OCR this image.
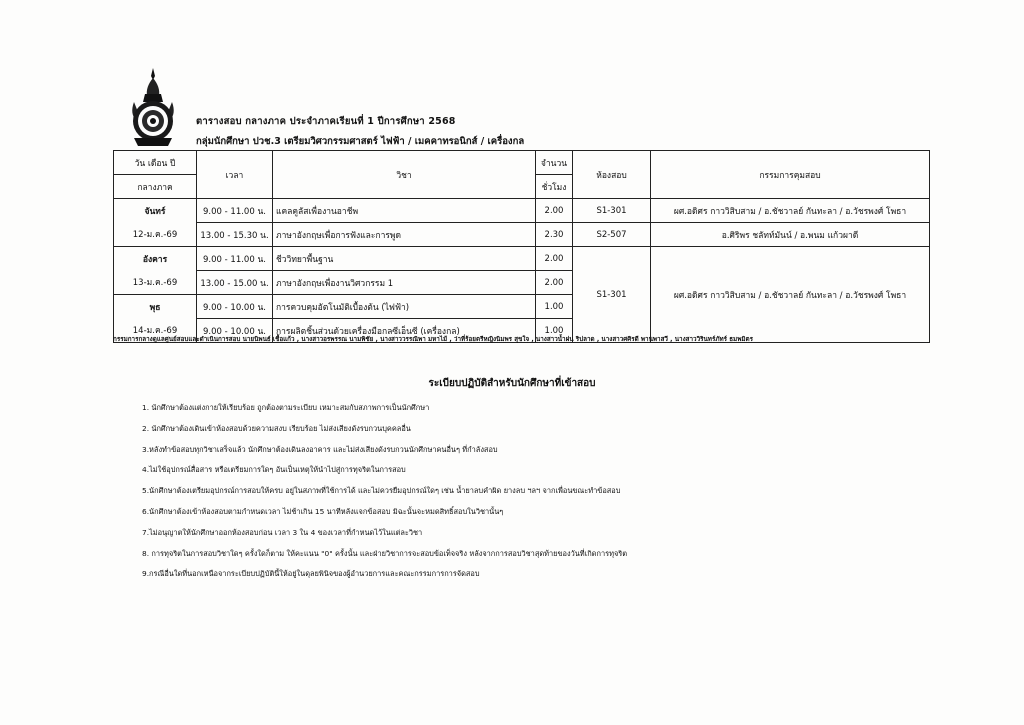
ตารางสอบ กลางภาค ประจำภาคเรียนที่ 1 ปีการศึกษา 2568
กลุ่มนักศึกษา ปวช.3 เตรียมวิศวกรรมศาสตร์ ไฟฟ้า / เมคคาทรอนิกส์ / เครื่องกล
วัน เดือน ปี	เวลา	วิชา	จำนวน	ห้องสอบ	กรรมการคุมสอบ
กลางภาค			ชั่วโมง		
จันทร์	9.00 - 11.00 น.	แคลคูลัสเพื่องานอาชีพ	2.00	S1-301	ผศ.อดิศร กาววิสิบสาม / อ.ชัชวาลย์ กันทะลา / อ.วัชรพงศ์ โพธา
12-ม.ค.-69	13.00 - 15.30 น.	ภาษาอังกฤษเพื่อการฟังและการพูด	2.30	S2-507	อ.ศิริพร ชลัทท์มันน์ / อ.พนม แก้วผาดี
อังคาร	9.00 - 11.00 น.	ชีววิทยาพื้นฐาน	2.00	S1-301	ผศ.อดิศร กาววิสิบสาม / อ.ชัชวาลย์ กันทะลา / อ.วัชรพงศ์ โพธา
13-ม.ค.-69	13.00 - 15.00 น.	ภาษาอังกฤษเพื่องานวิศวกรรม 1	2.00		
พุธ	9.00 - 10.00 น.	การควบคุมอัตโนมัติเบื้องต้น (ไฟฟ้า)	1.00		
14-ม.ค.-69	9.00 - 10.00 น.	การผลิตชิ้นส่วนด้วยเครื่องมือกลซีเอ็นซี (เครื่องกล)	1.00		
กรรมการกลางดูแลศูนย์สอบและดำเนินการสอบ นายนิพนธ์ เชื้อแก้ว , นางสาวอรพรรณ นามพิชัย , นางสาววรรณิพา มหาไม้ , ว่าที่ร้อยตรีหญิงนิมพร สุขใจ , นางสาวน้ำฝน ริปลาด , นางสาวศศิรดี พานพาสวี , นางสาววิรินทร์ภัทร์ ธมพมิตร
ระเบียบปฏิบัติสำหรับนักศึกษาที่เข้าสอบ
1. นักศึกษาต้องแต่งกายให้เรียบร้อย ถูกต้องตามระเบียบ เหมาะสมกับสภาพการเป็นนักศึกษา
2. นักศึกษาต้องเดินเข้าห้องสอบด้วยความสงบ เรียบร้อย ไม่ส่งเสียงดังรบกวนบุคคลอื่น
3.หลังทำข้อสอบทุกวิชาเสร็จแล้ว นักศึกษาต้องเดินลงอาคาร และไม่ส่งเสียงดังรบกวนนักศึกษาคนอื่นๆ ที่กำลังสอบ
4.ไม่ใช้อุปกรณ์สื่อสาร หรือเตรียมการใดๆ อันเป็นเหตุให้นำไปสู่การทุจริตในการสอบ
5.นักศึกษาต้องเตรียมอุปกรณ์การสอบให้ครบ อยู่ในสภาพที่ใช้การได้ และไม่ควรยืมอุปกรณ์ใดๆ เช่น น้ำยาลบคำผิด ยางลบ ฯลฯ จากเพื่อนขณะทำข้อสอบ
6.นักศึกษาต้องเข้าห้องสอบตามกำหนดเวลา ไม่ช้าเกิน 15 นาทีหลังแจกข้อสอบ มิฉะนั้นจะหมดสิทธิ์สอบในวิชานั้นๆ
7.ไม่อนุญาตให้นักศึกษาออกห้องสอบก่อน เวลา 3 ใน 4 ของเวลาที่กำหนดไว้ในแต่ละวิชา
8. การทุจริตในการสอบวิชาใดๆ ครั้งใดก็ตาม ให้คะแนน "0" ครั้งนั้น และฝ่ายวิชาการจะสอบข้อเท็จจริง หลังจากการสอบวิชาสุดท้ายของวันที่เกิดการทุจริต
9.กรณีอื่นใดที่นอกเหนือจากระเบียบปฏิบัตินี้ให้อยู่ในดุลยพินิจของผู้อำนวยการและคณะกรรมการการจัดสอบ
